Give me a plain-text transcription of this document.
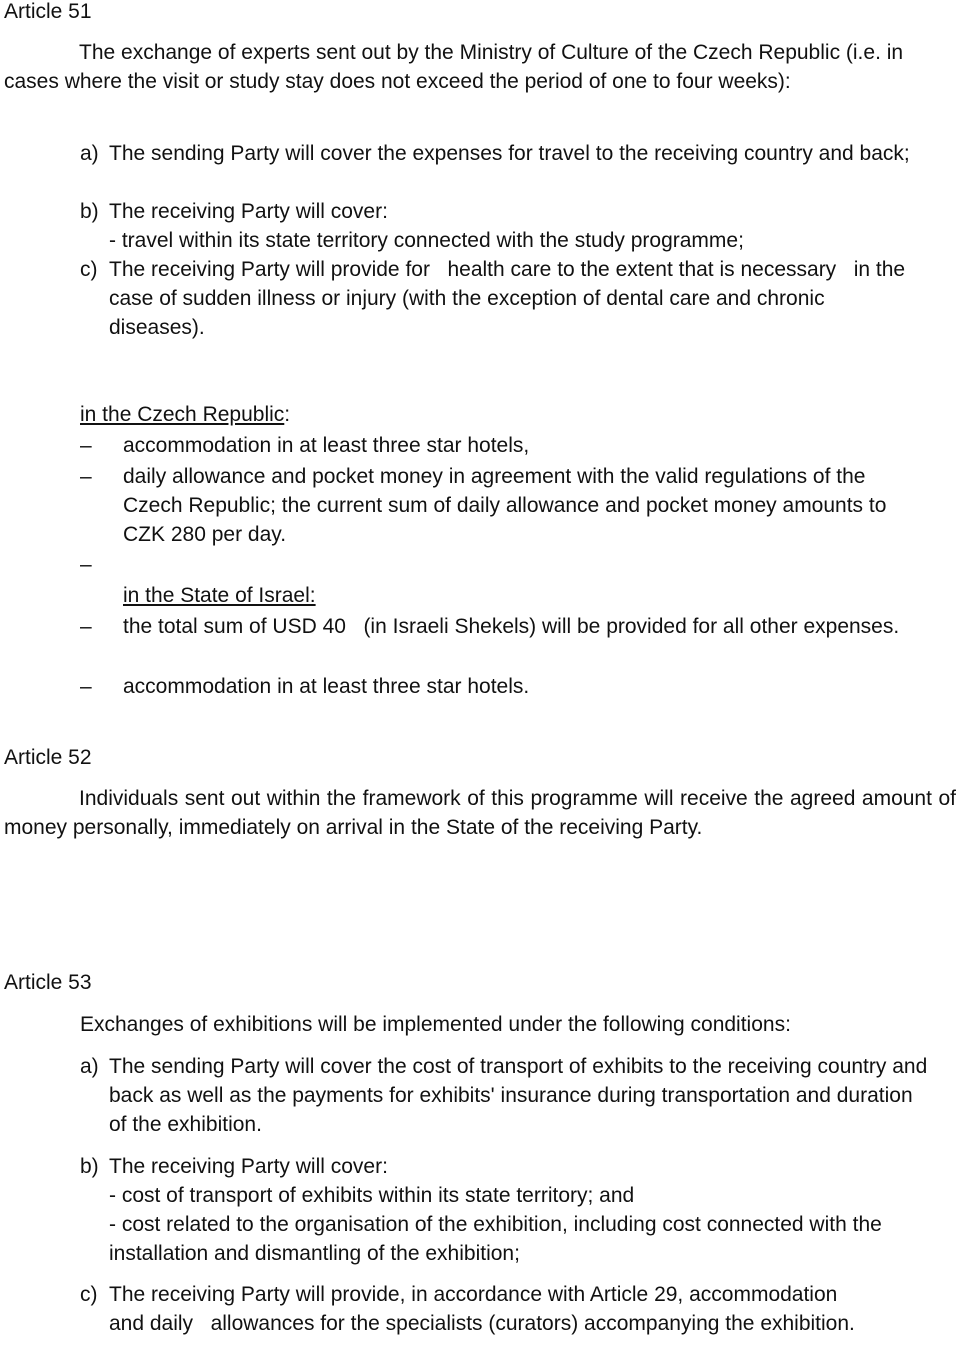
Article 51
The exchange of experts sent out by the Ministry of Culture of the Czech Republic (i.e. in cases where the visit or study stay does not exceed the period of one to four weeks):
a) The sending Party will cover the expenses for travel to the receiving country and back;
b) The receiving Party will cover:
- travel within its state territory connected with the study programme;
c) The receiving Party will provide for   health care to the extent that is necessary   in the case of sudden illness or injury (with the exception of dental care and chronic diseases).
in the Czech Republic:
– accommodation in at least three star hotels,
– daily allowance and pocket money in agreement with the valid regulations of the Czech Republic; the current sum of daily allowance and pocket money amounts to CZK 280 per day.
–
in the State of Israel:
– the total sum of USD 40   (in Israeli Shekels) will be provided for all other expenses.
– accommodation in at least three star hotels.
Article 52
Individuals sent out within the framework of this programme will receive the agreed amount of money personally, immediately on arrival in the State of the receiving Party.
Article 53
Exchanges of exhibitions will be implemented under the following conditions:
a) The sending Party will cover the cost of transport of exhibits to the receiving country and back as well as the payments for exhibits' insurance during transportation and duration of the exhibition.
b) The receiving Party will cover:
- cost of transport of exhibits within its state territory; and
- cost related to the organisation of the exhibition, including cost connected with the installation and dismantling of the exhibition;
c) The receiving Party will provide, in accordance with Article 29, accommodation and daily   allowances for the specialists (curators) accompanying the exhibition.
